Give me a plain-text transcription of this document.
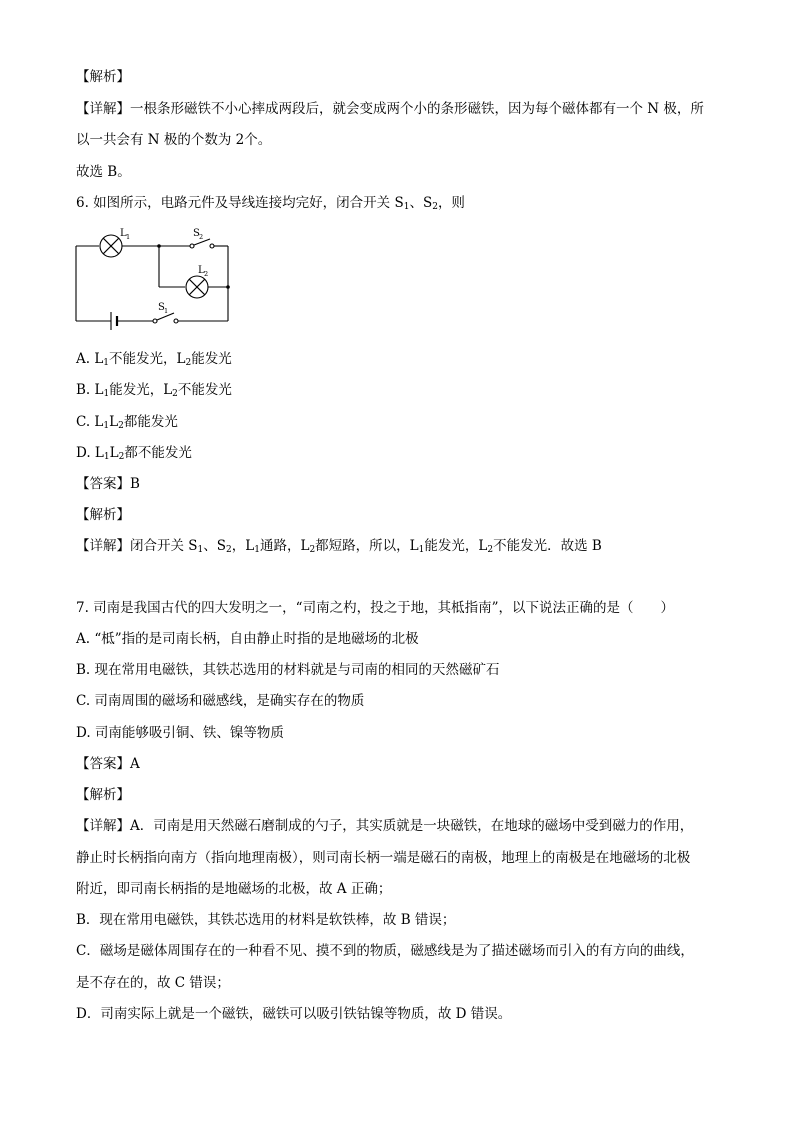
【解析】
【详解】一根条形磁铁不小心摔成两段后，就会变成两个小的条形磁铁，因为每个磁体都有一个 N 极，所
以一共会有 N 极的个数为 2个。
故选 B。
6. 如图所示，电路元件及导线连接均完好，闭合开关 $S_1$、$S_2$，则
L 1	S 2
L 2
S 1
A. $L_1$不能发光，$L_2$能发光
B. $L_1$能发光，$L_2$不能发光
C. $L_1L_2$都能发光
D. $L_1L_2$都不能发光
【答案】B
【解析】
【详解】闭合开关 $S_1$、$S_2$，$L_1$通路，$L_2$都短路，所以，$L_1$能发光，$L_2$不能发光．故选 B
7. 司南是我国古代的四大发明之一，“司南之杓，投之于地，其柢指南”，以下说法正确的是（　　）
A. “柢”指的是司南长柄，自由静止时指的是地磁场的北极
B. 现在常用电磁铁，其铁芯选用的材料就是与司南的相同的天然磁矿石
C. 司南周围的磁场和磁感线，是确实存在的物质
D. 司南能够吸引铜、铁、镍等物质
【答案】A
【解析】
【详解】A．司南是用天然磁石磨制成的勺子，其实质就是一块磁铁，在地球的磁场中受到磁力的作用，
静止时长柄指向南方（指向地理南极），则司南长柄一端是磁石的南极，地理上的南极是在地磁场的北极
附近，即司南长柄指的是地磁场的北极，故 A 正确；
B．现在常用电磁铁，其铁芯选用的材料是软铁棒，故 B 错误；
C．磁场是磁体周围存在的一种看不见、摸不到的物质，磁感线是为了描述磁场而引入的有方向的曲线，
是不存在的，故 C 错误；
D．司南实际上就是一个磁铁，磁铁可以吸引铁钴镍等物质，故 D 错误。
